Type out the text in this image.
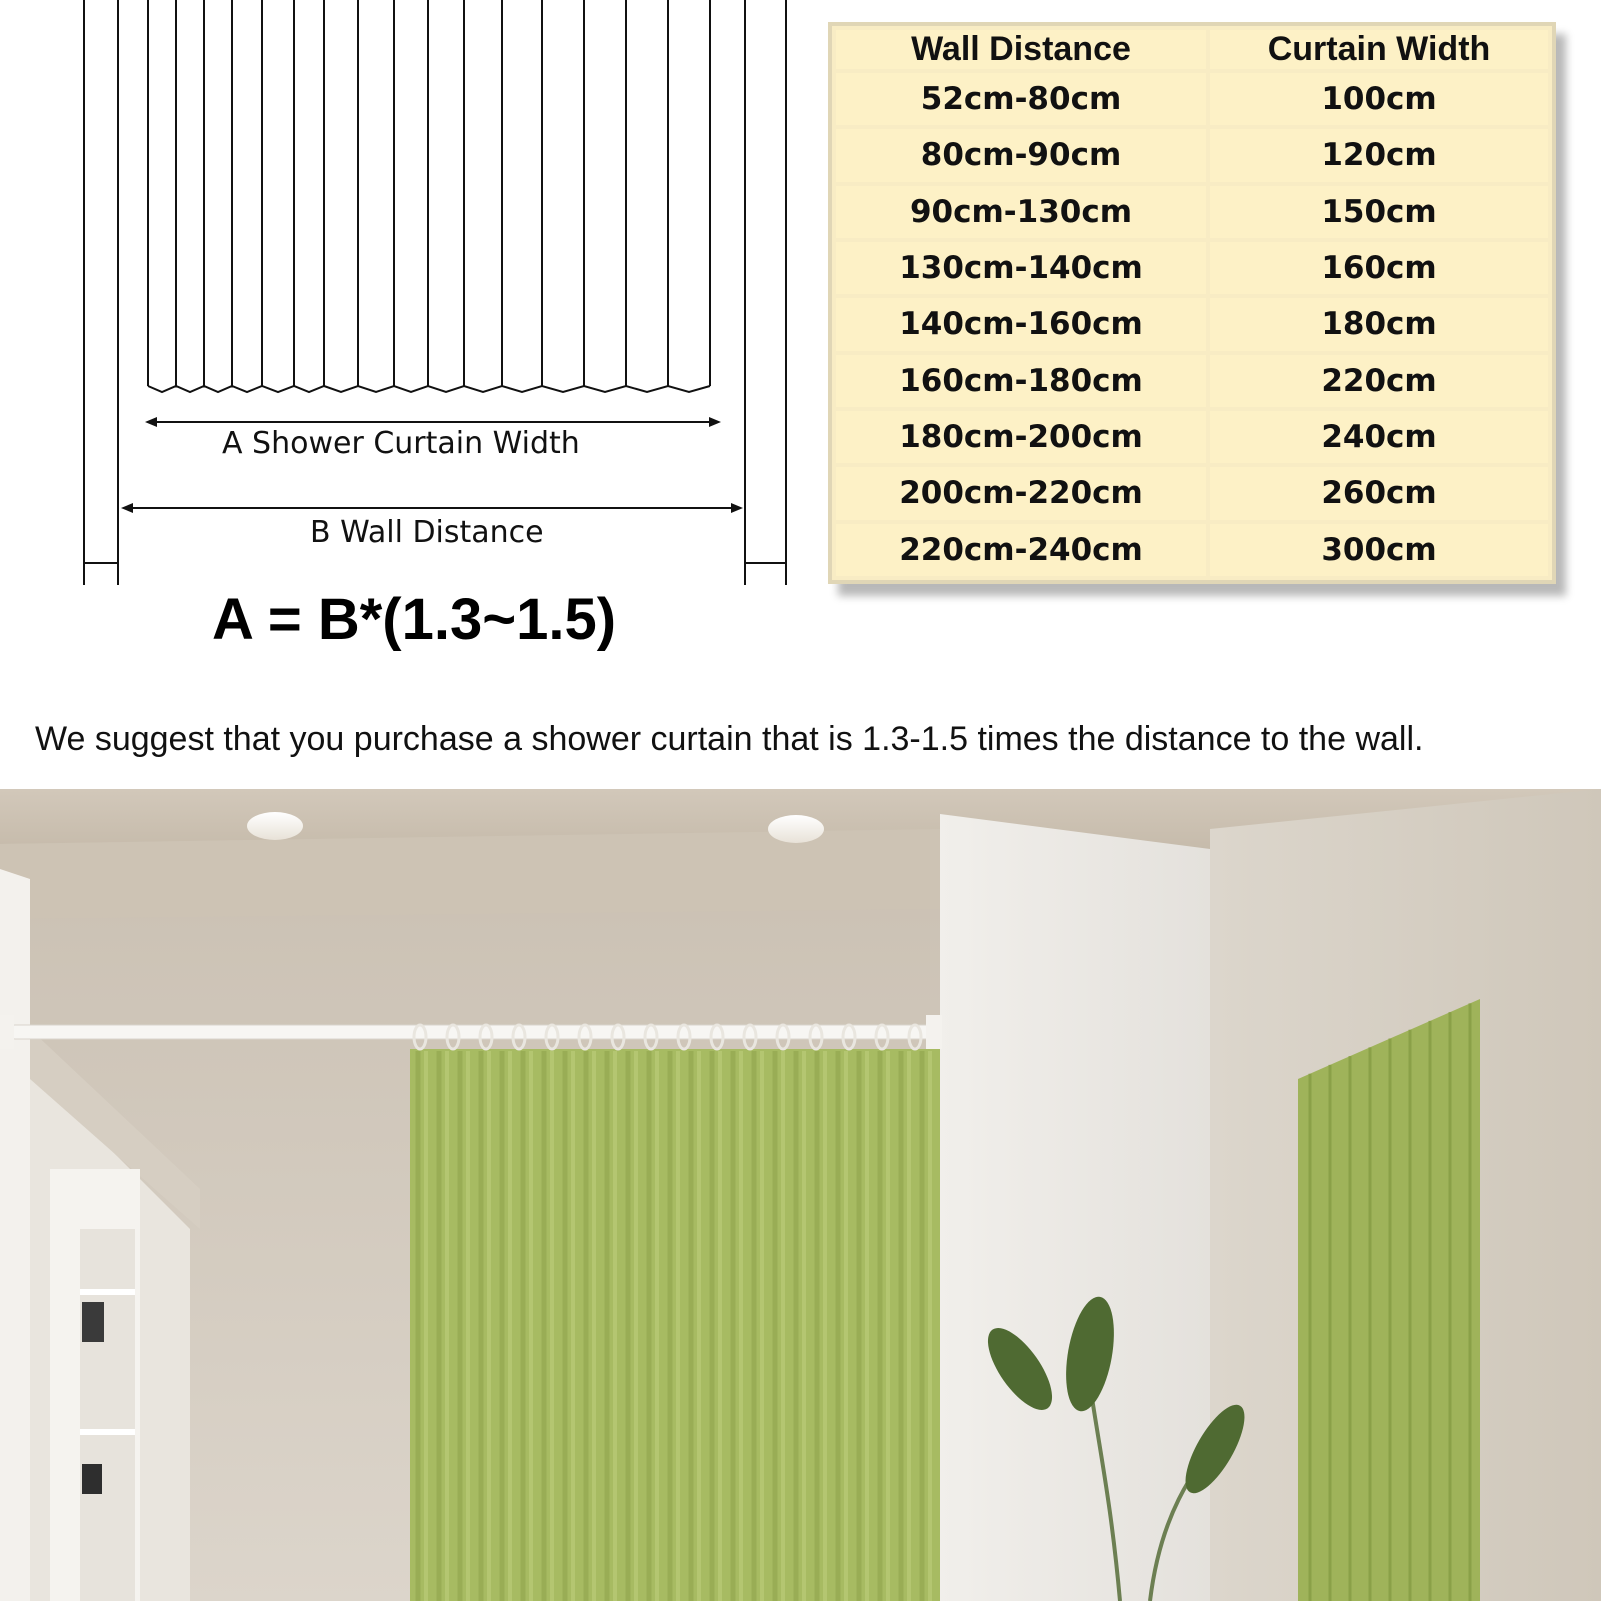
A Shower Curtain Width
B Wall Distance
A = B*(1.3~1.5)
Wall Distance	Curtain Width
52cm-80cm	100cm
80cm-90cm	120cm
90cm-130cm	150cm
130cm-140cm	160cm
140cm-160cm	180cm
160cm-180cm	220cm
180cm-200cm	240cm
200cm-220cm	260cm
220cm-240cm	300cm
We suggest that you purchase a shower curtain that is 1.3-1.5 times the distance to the wall.
